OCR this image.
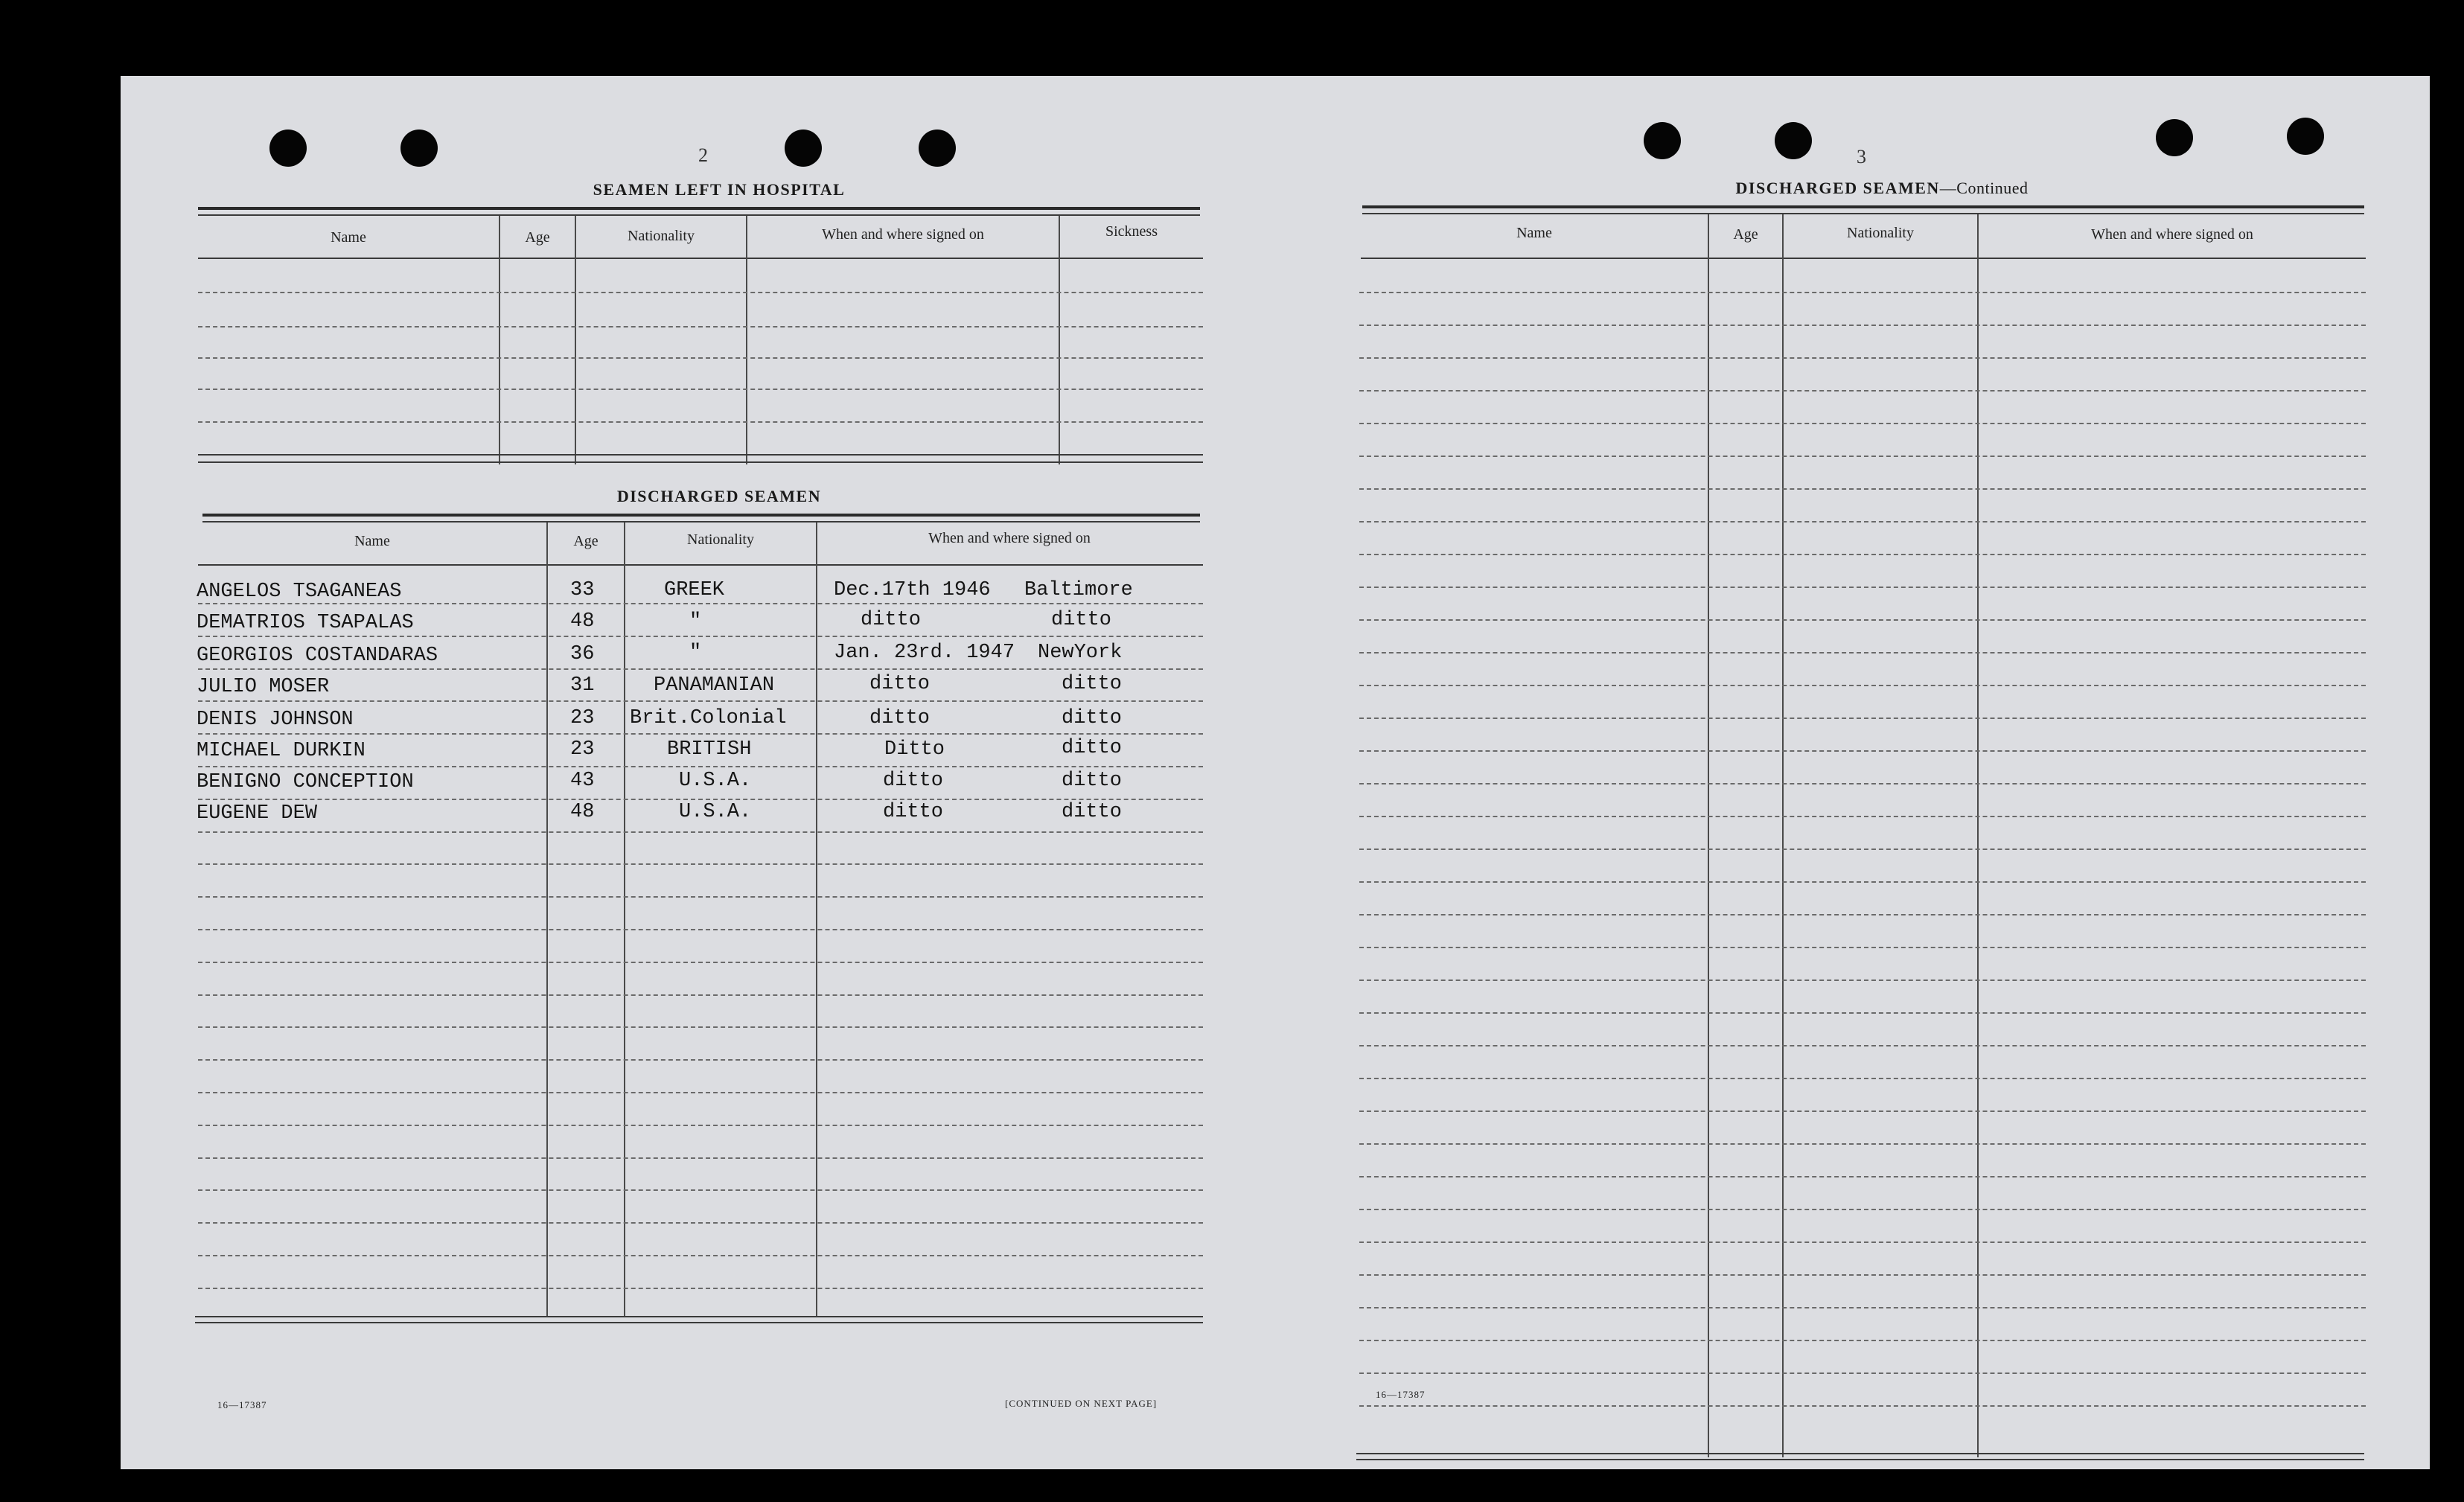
2
SEAMEN LEFT IN HOSPITAL
Name	Age	Nationality	When and where signed on	Sickness
DISCHARGED SEAMEN
Name	Age	Nationality	When and where signed on
ANGELOS TSAGANEAS	33	GREEK	Dec.17th 1946 Baltimore
DEMATRIOS TSAPALAS	48	"	ditto	ditto
GEORGIOS COSTANDARAS	36	"	Jan. 23rd. 1947 NewYork
JULIO MOSER	31	PANAMANIAN	ditto	ditto
DENIS JOHNSON	23 Brit.Colonial	ditto	ditto
MICHAEL DURKIN	23	BRITISH	Ditto	ditto
BENIGNO CONCEPTION	43	U.S.A.	ditto	ditto
EUGENE DEW	48	U.S.A.	ditto	ditto
16—17387	[CONTINUED ON NEXT PAGE]
3
DISCHARGED SEAMEN—Continued
Name	Age	Nationality	When and where signed on
16—17387
